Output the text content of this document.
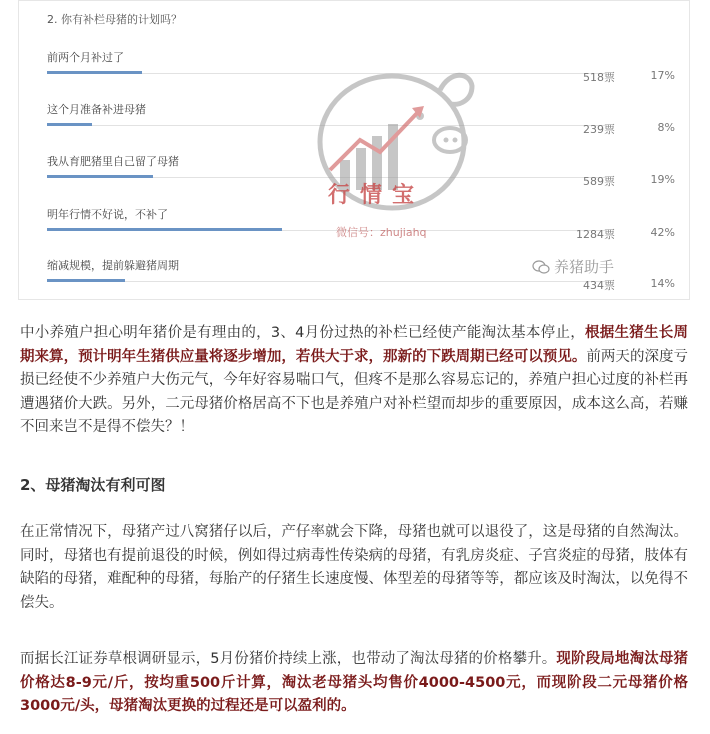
2. 你有补栏母猪的计划吗？
前两个月补过了
518票	17%
这个月准备补进母猪
239票	8%
我从育肥猪里自己留了母猪
589票	19%
明年行情不好说，不补了
1284票	42%
缩减规模，提前躲避猪周期
434票	14%
行情宝
微信号：zhujiahq
养猪助手
中小养殖户担心明年猪价是有理由的，3、4月份过热的补栏已经使产能淘汰基本停止，根据生猪生长周期来算，预计明年生猪供应量将逐步增加，若供大于求，那新的下跌周期已经可以预见。前两天的深度亏损已经使不少养殖户大伤元气，今年好容易喘口气，但疼不是那么容易忘记的，养殖户担心过度的补栏再遭遇猪价大跌。另外，二元母猪价格居高不下也是养殖户对补栏望而却步的重要原因，成本这么高，若赚不回来岂不是得不偿失？！
2、母猪淘汰有利可图
在正常情况下，母猪产过八窝猪仔以后，产仔率就会下降，母猪也就可以退役了，这是母猪的自然淘汰。同时，母猪也有提前退役的时候，例如得过病毒性传染病的母猪，有乳房炎症、子宫炎症的母猪，肢体有缺陷的母猪，难配种的母猪，每胎产的仔猪生长速度慢、体型差的母猪等等，都应该及时淘汰，以免得不偿失。
而据长江证券草根调研显示，5月份猪价持续上涨，也带动了淘汰母猪的价格攀升。现阶段局地淘汰母猪价格达8-9元/斤，按均重500斤计算，淘汰老母猪头均售价4000-4500元，而现阶段二元母猪价格3000元/头，母猪淘汰更换的过程还是可以盈利的。
